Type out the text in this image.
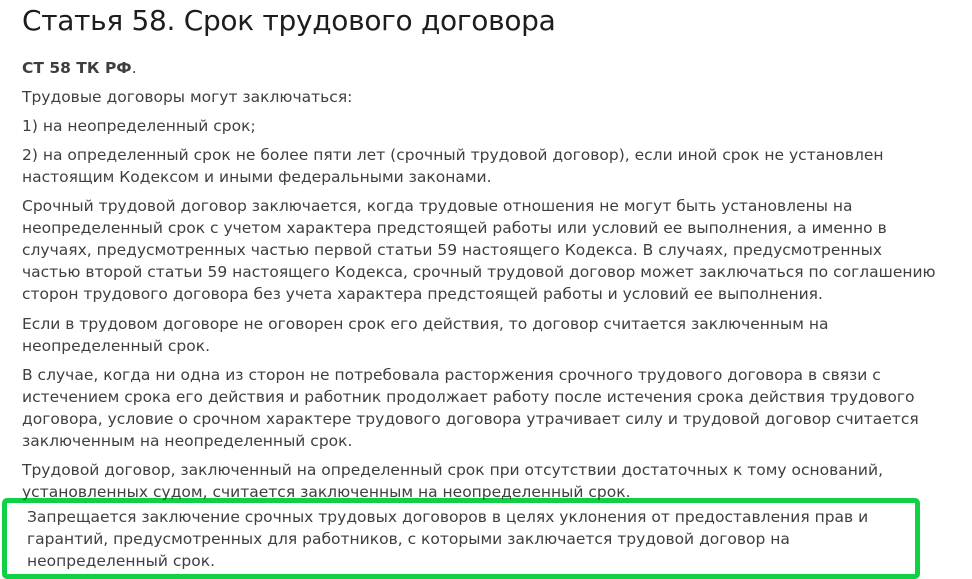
Статья 58. Срок трудового договора

СТ 58 ТК РФ.

Трудовые договоры могут заключаться:

1) на неопределенный срок;

2) на определенный срок не более пяти лет (срочный трудовой договор), если иной срок не установлен настоящим Кодексом и иными федеральными законами.

Срочный трудовой договор заключается, когда трудовые отношения не могут быть установлены на неопределенный срок с учетом характера предстоящей работы или условий ее выполнения, а именно в случаях, предусмотренных частью первой статьи 59 настоящего Кодекса. В случаях, предусмотренных частью второй статьи 59 настоящего Кодекса, срочный трудовой договор может заключаться по соглашению сторон трудового договора без учета характера предстоящей работы и условий ее выполнения.

Если в трудовом договоре не оговорен срок его действия, то договор считается заключенным на неопределенный срок.

В случае, когда ни одна из сторон не потребовала расторжения срочного трудового договора в связи с истечением срока его действия и работник продолжает работу после истечения срока действия трудового договора, условие о срочном характере трудового договора утрачивает силу и трудовой договор считается заключенным на неопределенный срок.

Трудовой договор, заключенный на определенный срок при отсутствии достаточных к тому оснований, установленных судом, считается заключенным на неопределенный срок.

Запрещается заключение срочных трудовых договоров в целях уклонения от предоставления прав и гарантий, предусмотренных для работников, с которыми заключается трудовой договор на неопределенный срок.
